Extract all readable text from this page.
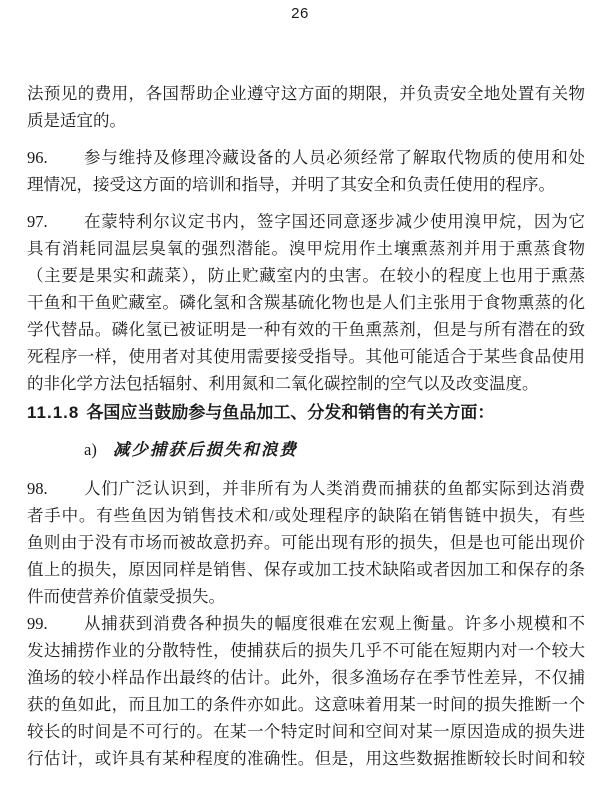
26
法预见的费用，各国帮助企业遵守这方面的期限，并负责安全地处置有关物
质是适宜的。
96.	参与维持及修理冷藏设备的人员必须经常了解取代物质的使用和处
理情况，接受这方面的培训和指导，并明了其安全和负责任使用的程序。
97.	在蒙特利尔议定书内，签字国还同意逐步减少使用溴甲烷，因为它
具有消耗同温层臭氧的强烈潜能。溴甲烷用作土壤熏蒸剂并用于熏蒸食物
（主要是果实和蔬菜），防止贮藏室内的虫害。在较小的程度上也用于熏蒸
干鱼和干鱼贮藏室。磷化氢和含羰基硫化物也是人们主张用于食物熏蒸的化
学代替品。磷化氢已被证明是一种有效的干鱼熏蒸剂，但是与所有潜在的致
死程序一样，使用者对其使用需要接受指导。其他可能适合于某些食品使用
的非化学方法包括辐射、利用氮和二氧化碳控制的空气以及改变温度。
11.1.8 各国应当鼓励参与鱼品加工、分发和销售的有关方面：
a) 减少捕获后损失和浪费
98.	人们广泛认识到，并非所有为人类消费而捕获的鱼都实际到达消费
者手中。有些鱼因为销售技术和/或处理程序的缺陷在销售链中损失，有些
鱼则由于没有市场而被故意扔弃。可能出现有形的损失，但是也可能出现价
值上的损失，原因同样是销售、保存或加工技术缺陷或者因加工和保存的条
件而使营养价值蒙受损失。
99.	从捕获到消费各种损失的幅度很难在宏观上衡量。许多小规模和不
发达捕捞作业的分散特性，使捕获后的损失几乎不可能在短期内对一个较大
渔场的较小样品作出最终的估计。此外，很多渔场存在季节性差异，不仅捕
获的鱼如此，而且加工的条件亦如此。这意味着用某一时间的损失推断一个
较长的时间是不可行的。在某一个特定时间和空间对某一原因造成的损失进
行估计，或许具有某种程度的准确性。但是，用这些数据推断较长时间和较
